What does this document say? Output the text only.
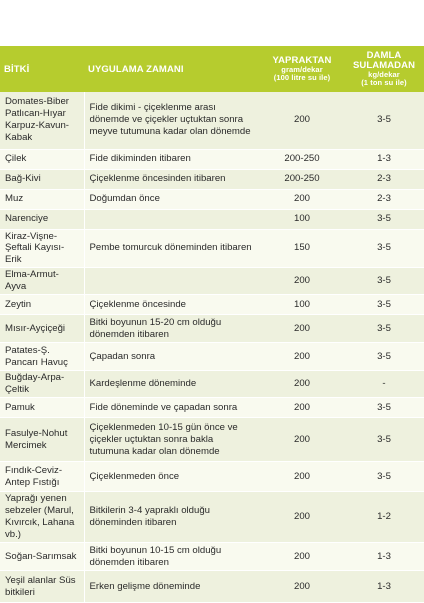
BİTKİ	UYGULAMA ZAMANI	YAPRAKTAN
gram/dekar
(100 litre su ile)	DAMLA SULAMADAN
kg/dekar
(1 ton su ile)

Domates-Biber Patlıcan-Hıyar Karpuz-Kavun-Kabak	Fide dikimi - çiçeklenme arası dönemde ve çiçekler uçtuktan sonra meyve tutumuna kadar olan dönemde	200	3-5
Çilek	Fide dikiminden itibaren	200-250	1-3
Bağ-Kivi	Çiçeklenme öncesinden itibaren	200-250	2-3
Muz	Doğumdan önce	200	2-3
Narenciye		100	3-5
Kiraz-Vişne-Şeftali Kayısı-Erik	Pembe tomurcuk döneminden itibaren	150	3-5
Elma-Armut-Ayva		200	3-5
Zeytin	Çiçeklenme öncesinde	100	3-5
Mısır-Ayçiçeği	Bitki boyunun 15-20 cm olduğu dönemden itibaren	200	3-5
Patates-Ş. Pancarı Havuç	Çapadan sonra	200	3-5
Buğday-Arpa-Çeltik	Kardeşlenme döneminde	200	-
Pamuk	Fide döneminde ve çapadan sonra	200	3-5
Fasulye-Nohut Mercimek	Çiçeklenmeden 10-15 gün önce ve çiçekler uçtuktan sonra bakla tutumuna kadar olan dönemde	200	3-5
Fındık-Ceviz-Antep Fıstığı	Çiçeklenmeden önce	200	3-5
Yaprağı yenen sebzeler (Marul, Kıvırcık, Lahana vb.)	Bitkilerin 3-4 yapraklı olduğu döneminden itibaren	200	1-2
Soğan-Sarımsak	Bitki boyunun 10-15 cm olduğu dönemden itibaren	200	1-3
Yeşil alanlar Süs bitkileri	Erken gelişme döneminde	200	1-3
